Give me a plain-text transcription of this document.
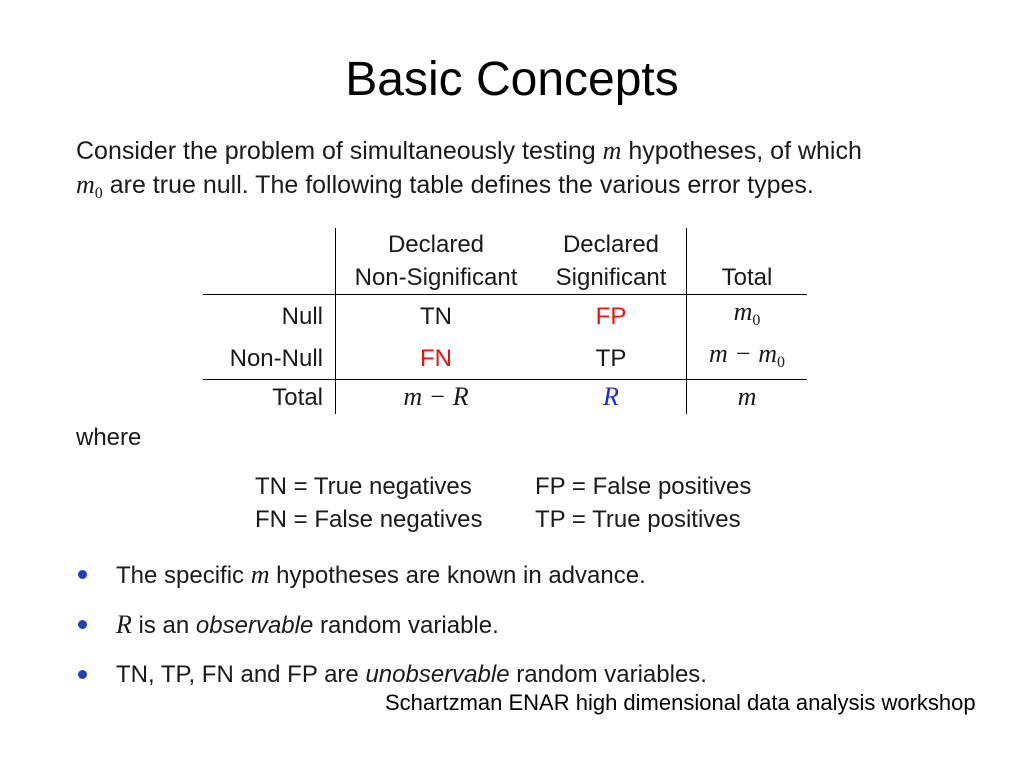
Basic Concepts
Consider the problem of simultaneously testing m hypotheses, of which
$m_0$ are true null. The following table defines the various error types.
	Declared	Declared	
	Non-Significant	Significant	Total
Null	TN	FP	$m_0$
Non-Null	FN	TP	$m - m_0$
Total	m − R	R	m
where
TN = True negatives	FP = False positives
FN = False negatives TP = True positives
The specific m hypotheses are known in advance.
R is an observable random variable.
TN, TP, FN and FP are unobservable random variables.
Schartzman ENAR high dimensional data analysis workshop
